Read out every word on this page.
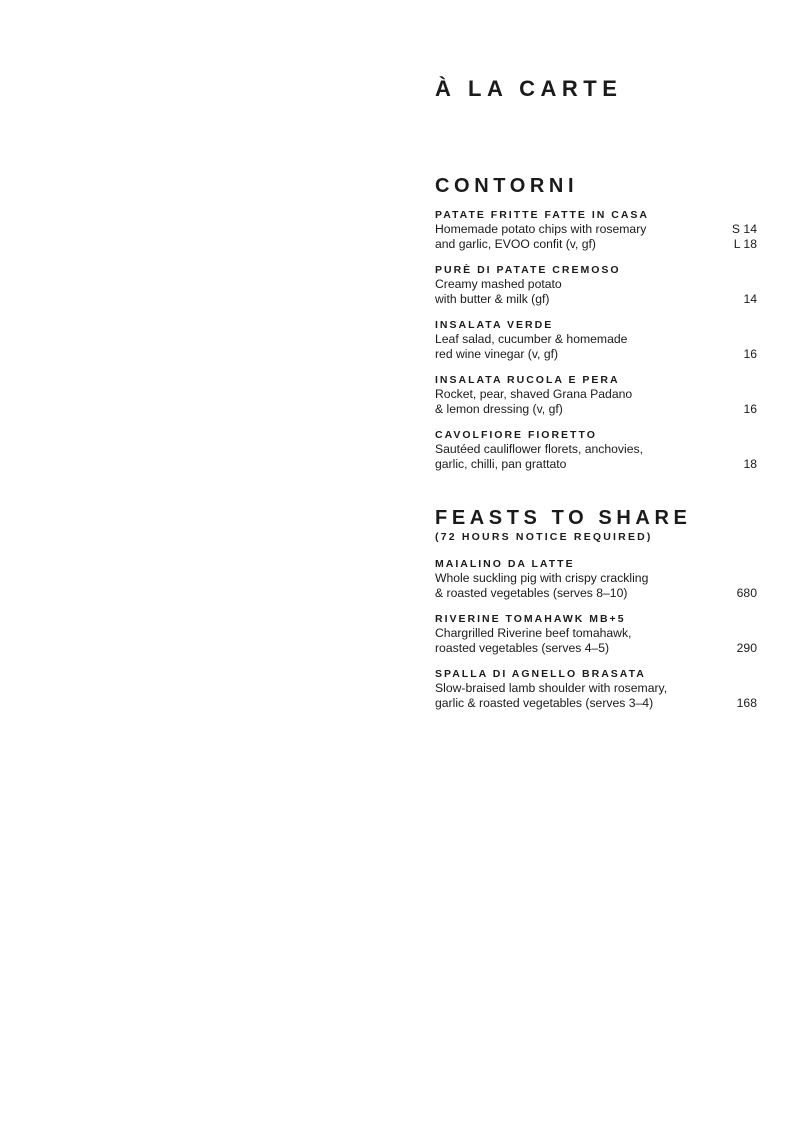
À LA CARTE
CONTORNI
PATATE FRITTE FATTE IN CASA
Homemade potato chips with rosemary
and garlic, EVOO confit (v, gf)
S 14
L 18
PURÈ DI PATATE CREMOSO
Creamy mashed potato
with butter & milk (gf)	14
INSALATA VERDE
Leaf salad, cucumber & homemade
red wine vinegar (v, gf)	16
INSALATA RUCOLA E PERA
Rocket, pear, shaved Grana Padano
& lemon dressing (v, gf)	16
CAVOLFIORE FIORETTO
Sautéed cauliflower florets, anchovies,
garlic, chilli, pan grattato	18
FEASTS TO SHARE
(72 HOURS NOTICE REQUIRED)
MAIALINO DA LATTE
Whole suckling pig with crispy crackling
& roasted vegetables (serves 8–10)	680
RIVERINE TOMAHAWK MB+5
Chargrilled Riverine beef tomahawk,
roasted vegetables (serves 4–5)	290
SPALLA DI AGNELLO BRASATA
Slow-braised lamb shoulder with rosemary,
garlic & roasted vegetables (serves 3–4)	168
